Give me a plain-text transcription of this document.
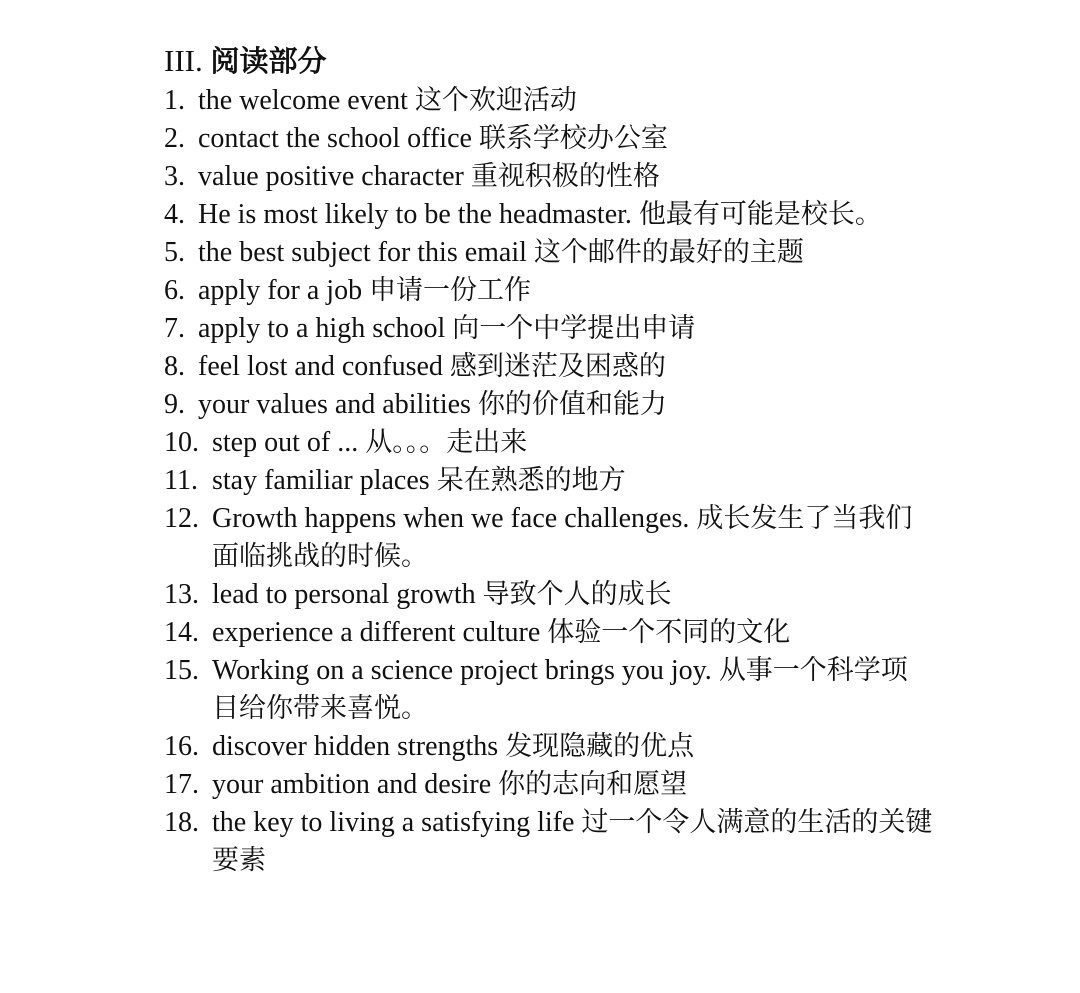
III. 阅读部分
1. the welcome event 这个欢迎活动
2. contact the school office 联系学校办公室
3. value positive character 重视积极的性格
4. He is most likely to be the headmaster. 他最有可能是校长。
5. the best subject for this email 这个邮件的最好的主题
6. apply for a job 申请一份工作
7. apply to a high school 向一个中学提出申请
8. feel lost and confused 感到迷茫及困惑的
9. your values and abilities 你的价值和能力
10. step out of ... 从。。。走出来
11. stay familiar places 呆在熟悉的地方
12. Growth happens when we face challenges. 成长发生了当我们面临挑战的时候。
13. lead to personal growth 导致个人的成长
14. experience a different culture 体验一个不同的文化
15. Working on a science project brings you joy. 从事一个科学项目给你带来喜悦。
16. discover hidden strengths 发现隐藏的优点
17. your ambition and desire 你的志向和愿望
18. the key to living a satisfying life 过一个令人满意的生活的关键要素
